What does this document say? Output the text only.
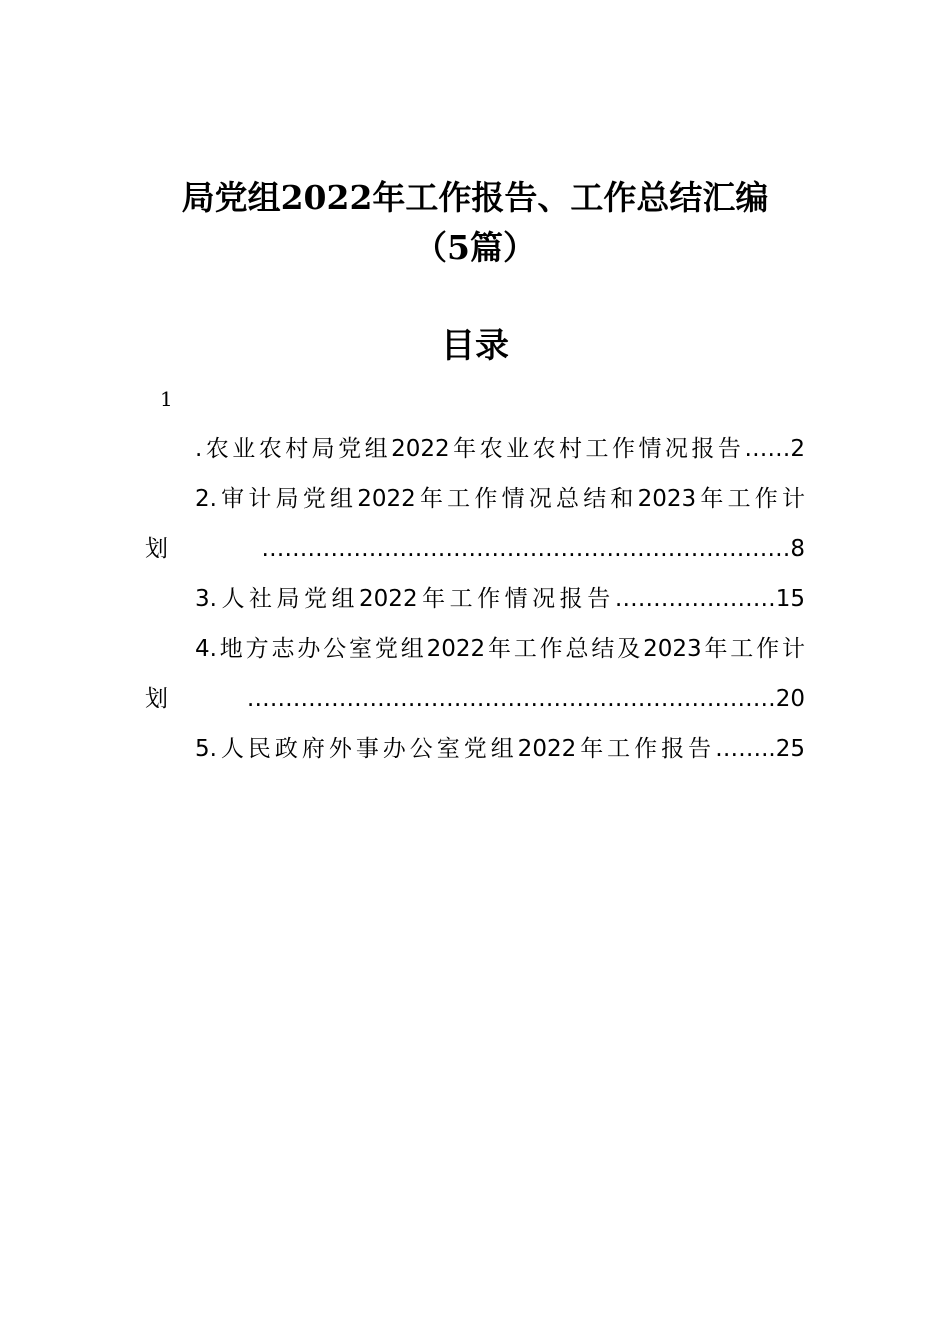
局党组2022年工作报告、工作总结汇编
（5篇）
目录
1
.农业农村局党组2022年农业农村工作情况报告……2
2.审计局党组2022年工作情况总结和2023年工作计划……………………………………………………………8
3.人社局党组2022年工作情况报告…………………15
4.地方志办公室党组2022年工作总结及2023年工作计划……………………………………………………………20
5.人民政府外事办公室党组2022年工作报告……..25
